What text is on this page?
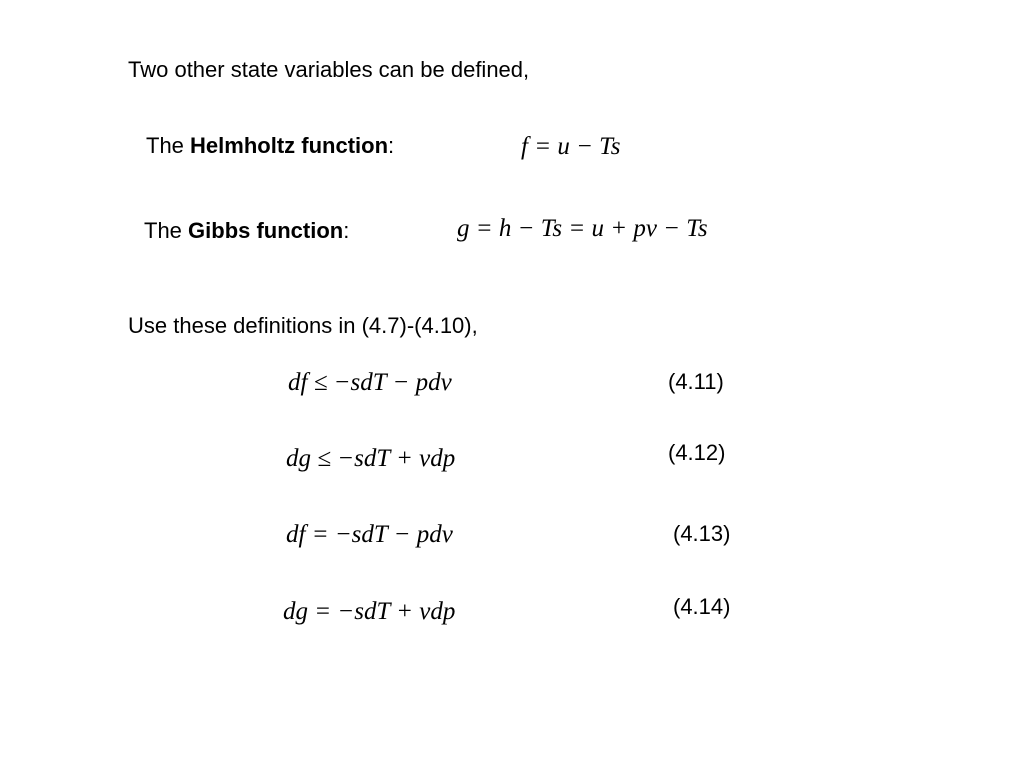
Two other state variables can be defined,
The Helmholtz function:	f = u − Ts
The Gibbs function:	g = h − Ts = u + pv − Ts
Use these definitions in (4.7)-(4.10),
df ≤ −sdT − pdv	(4.11)
dg ≤ −sdT + vdp	(4.12)
df = −sdT − pdv	(4.13)
dg = −sdT + vdp	(4.14)
